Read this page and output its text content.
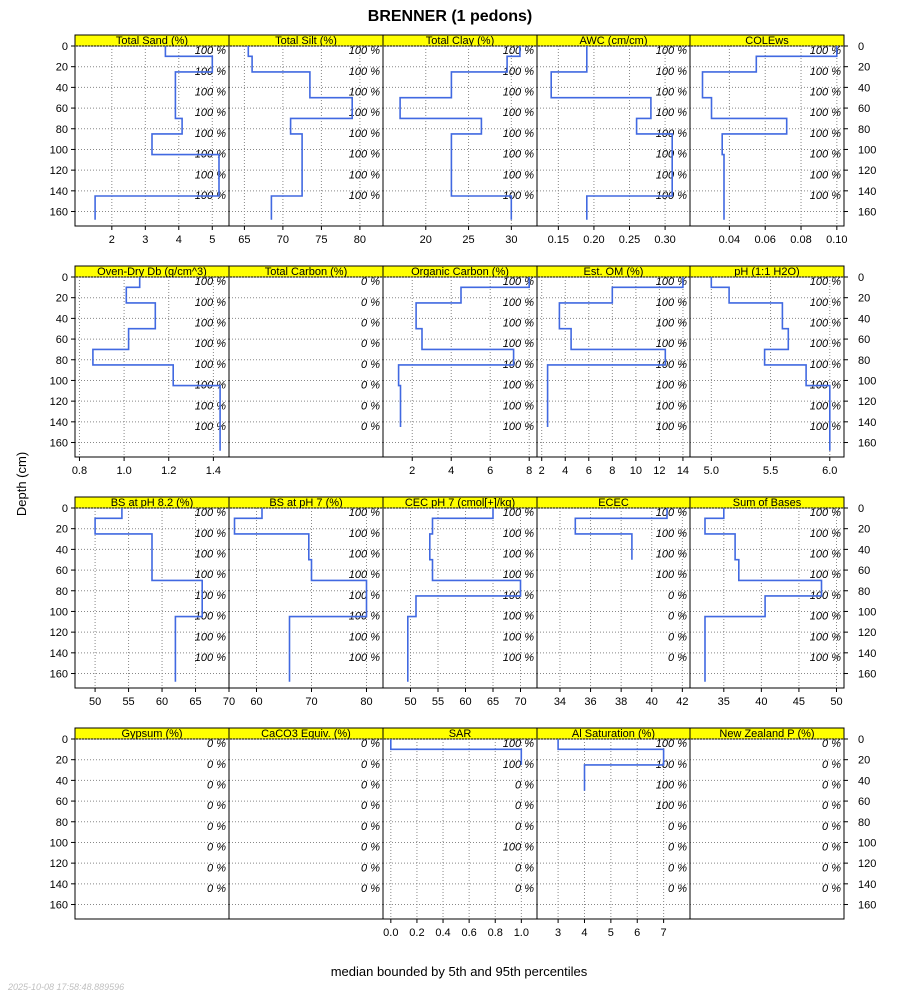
BRENNER (1 pedons)
Depth (cm)
median bounded by 5th and 95th percentiles
2025-10-08 17:58:48.889596
Total Sand (%)
100 %
100 %
100 %
100 %
100 %
100 %
100 %
100 %
2 3 4 5
Total Silt (%)
100 %
100 %
100 %
100 %
100 %
100 %
100 %
100 %
65 70 75 80
Total Clay (%)
100 %
100 %
100 %
100 %
100 %
100 %
100 %
100 %
20	25	30
AWC (cm/cm)
100 %
100 %
100 %
100 %
100 %
100 %
100 %
100 %
0.15 0.20 0.25 0.30
COLEws
100 %
100 %
100 %
100 %
100 %
100 %
100 %
100 %
0.04 0.06 0.08 0.10
Oven-Dry Db (g/cm^3)
100 %
100 %
100 %
100 %
100 %
100 %
100 %
100 %
0.8	1.0	1.2	1.4
Total Carbon (%)
0 %
0 %
0 %
0 %
0 %
0 %
0 %
0 %
Organic Carbon (%)
100 %
100 %
100 %
100 %
100 %
100 %
100 %
100 %
2	4	6	8
Est. OM (%)
100 %
100 %
100 %
100 %
100 %
100 %
100 %
100 %
2 4 6 8 10 12 14
pH (1:1 H2O)
100 %
100 %
100 %
100 %
100 %
100 %
100 %
100 %
5.0	5.5	6.0
BS at pH 8.2 (%)
100 %
100 %
100 %
100 %
100 %
100 %
100 %
100 %
50 55 60 65 70
BS at pH 7 (%)
100 %
100 %
100 %
100 %
100 %
100 %
100 %
100 %
60	70	80
CEC pH 7 (cmol[+]/kg)
100 %
100 %
100 %
100 %
100 %
100 %
100 %
100 %
50 55 60 65 70
ECEC
100 %
100 %
100 %
100 %
0 %
0 %
0 %
0 %
34 36 38 40 42
Sum of Bases
100 %
100 %
100 %
100 %
100 %
100 %
100 %
100 %
35 40 45 50
Gypsum (%)
0 %
0 %
0 %
0 %
0 %
0 %
0 %
0 %
CaCO3 Equiv. (%)
0 %
0 %
0 %
0 %
0 %
0 %
0 %
0 %
SAR
100 %
100 %
0 %
0 %
0 %
100 %
0 %
0 %
0.0 0.2 0.4 0.6 0.8 1.0
Al Saturation (%)
100 %
100 %
100 %
100 %
0 %
0 %
0 %
0 %
3 4 5 6 7
New Zealand P (%)
0 %
0 %
0 %
0 %
0 %
0 %
0 %
0 %
0	0
20	20
40	40
60	60
80	80
100	100
120	120
140	140
160	160
0	0
20	20
40	40
60	60
80	80
100	100
120	120
140	140
160	160
0	0
20	20
40	40
60	60
80	80
100	100
120	120
140	140
160	160
0	0
20	20
40	40
60	60
80	80
100	100
120	120
140	140
160	160
